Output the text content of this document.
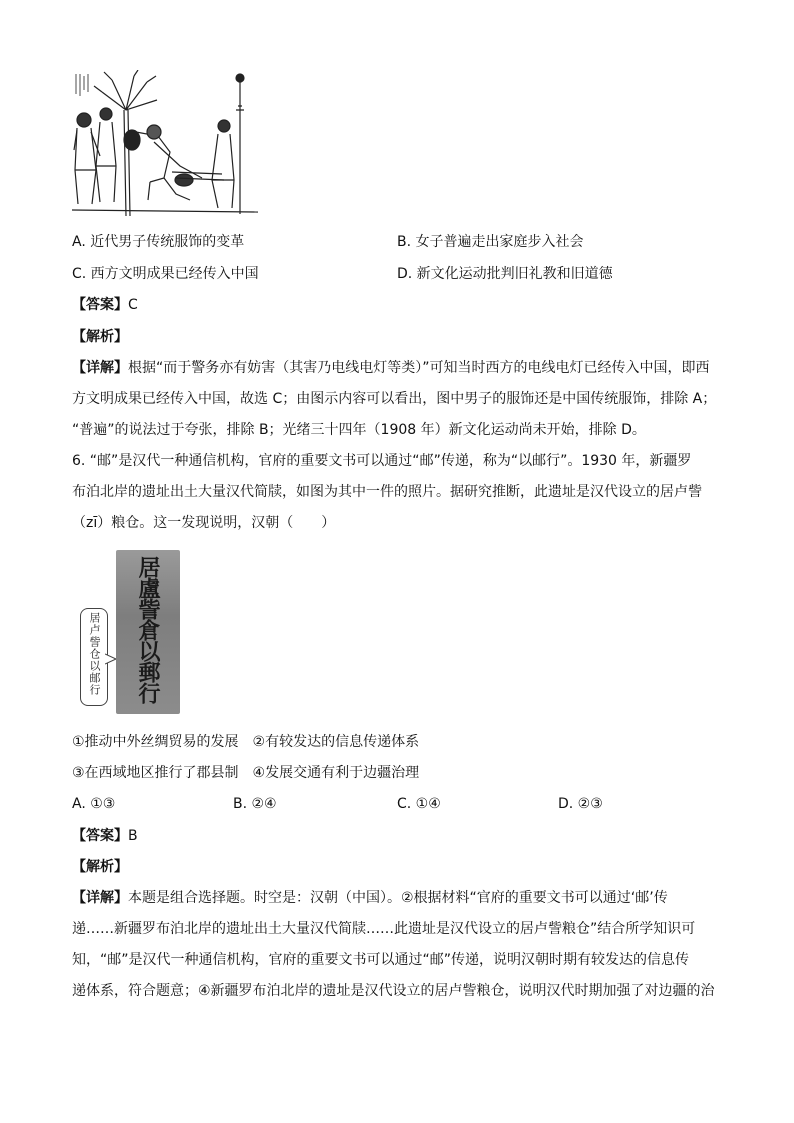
A. 近代男子传统服饰的变革	B. 女子普遍走出家庭步入社会
C. 西方文明成果已经传入中国	D. 新文化运动批判旧礼教和旧道德
【答案】C
【解析】
【详解】根据“而于警务亦有妨害（其害乃电线电灯等类）”可知当时西方的电线电灯已经传入中国，即西
方文明成果已经传入中国，故选 C；由图示内容可以看出，图中男子的服饰还是中国传统服饰，排除 A；
“普遍”的说法过于夸张，排除 B；光绪三十四年（1908 年）新文化运动尚未开始，排除 D。
6. “邮”是汉代一种通信机构，官府的重要文书可以通过“邮”传递，称为“以邮行”。1930 年，新疆罗
布泊北岸的遗址出土大量汉代简牍，如图为其中一件的照片。据研究推断，此遗址是汉代设立的居卢訾
（zī）粮仓。这一发现说明，汉朝（　　）
居卢訾仓以邮行	居盧訾倉以郵行
①推动中外丝绸贸易的发展　②有较发达的信息传递体系
③在西域地区推行了郡县制　④发展交通有利于边疆治理
A. ①③	B. ②④	C. ①④	D. ②③
【答案】B
【解析】
【详解】本题是组合选择题。时空是：汉朝（中国）。②根据材料“官府的重要文书可以通过‘邮’传
递……新疆罗布泊北岸的遗址出土大量汉代简牍……此遗址是汉代设立的居卢訾粮仓”结合所学知识可
知，“邮”是汉代一种通信机构，官府的重要文书可以通过“邮”传递，说明汉朝时期有较发达的信息传
递体系，符合题意；④新疆罗布泊北岸的遗址是汉代设立的居卢訾粮仓，说明汉代时期加强了对边疆的治
